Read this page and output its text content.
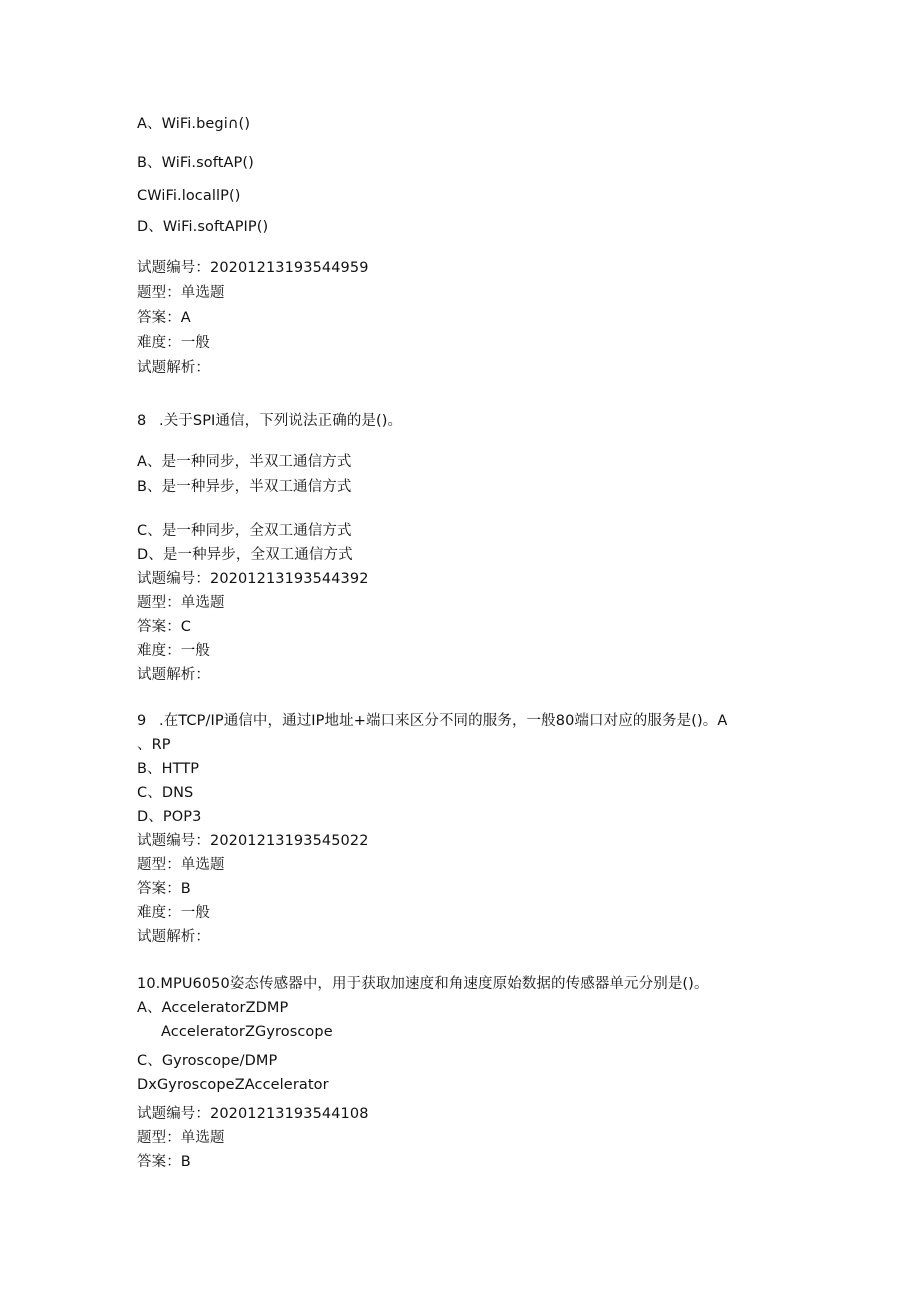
A、WiFi.begi∩()
B、WiFi.softAP()
CWiFi.locallP()
D、WiFi.softAPIP()
试题编号：20201213193544959
题型：单选题
答案：A
难度：一般
试题解析：
8 .关于SPI通信，下列说法正确的是()。
A、是一种同步，半双工通信方式
B、是一种异步，半双工通信方式
C、是一种同步，全双工通信方式
D、是一种异步，全双工通信方式
试题编号：20201213193544392
题型：单选题
答案：C
难度：一般
试题解析：
9 .在TCP/IP通信中，通过IP地址+端口来区分不同的服务，一般80端口对应的服务是()。A
、RP
B、HTTP
C、DNS
D、POP3
试题编号：20201213193545022
题型：单选题
答案：B
难度：一般
试题解析：
10.MPU6050姿态传感器中，用于获取加速度和角速度原始数据的传感器单元分别是()。
A、AcceleratorZDMP
AcceleratorZGyroscope
C、Gyroscope/DMP
DxGyroscopeZAccelerator
试题编号：20201213193544108
题型：单选题
答案：B
